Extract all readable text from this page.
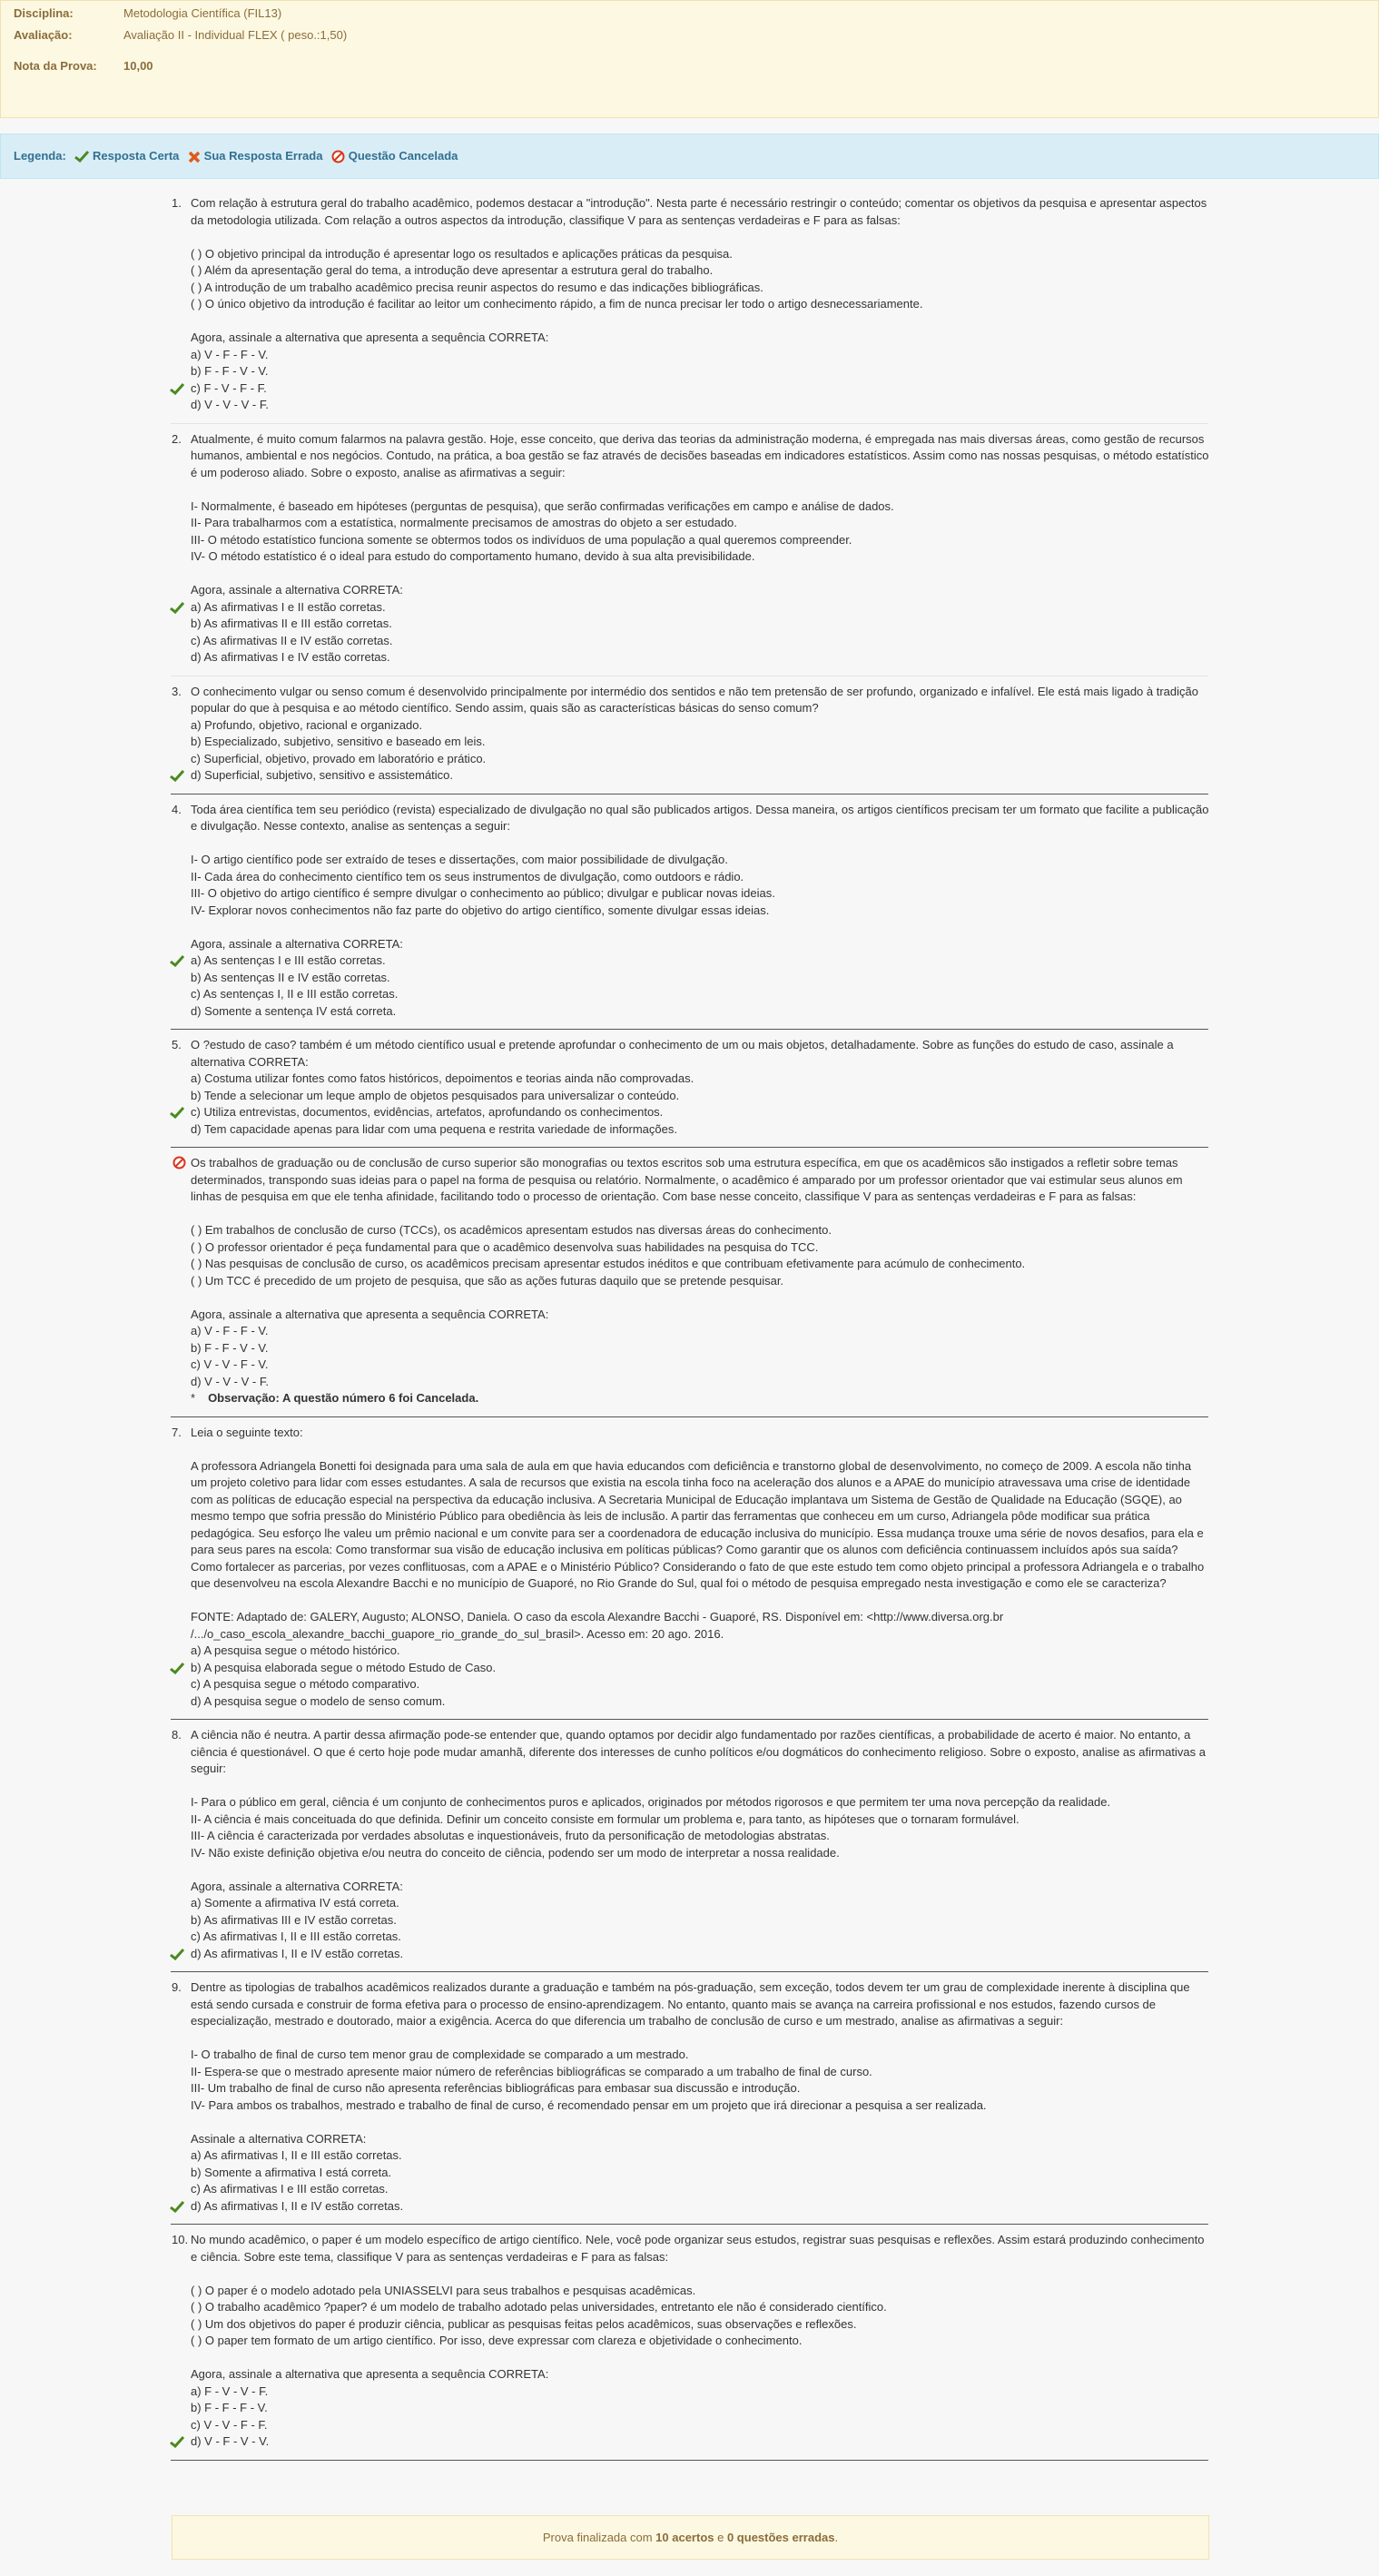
Disciplina:	Metodologia Científica (FIL13)
Avaliação:	Avaliação II - Individual FLEX ( peso.:1,50)
Nota da Prova:	10,00
Legenda: Resposta Certa Sua Resposta Errada Questão Cancelada
1. Com relação à estrutura geral do trabalho acadêmico, podemos destacar a "introdução". Nesta parte é necessário restringir o conteúdo; comentar os objetivos da pesquisa e apresentar aspectos da metodologia utilizada. Com relação a outros aspectos da introdução, classifique V para as sentenças verdadeiras e F para as falsas:

( ) O objetivo principal da introdução é apresentar logo os resultados e aplicações práticas da pesquisa.

( ) Além da apresentação geral do tema, a introdução deve apresentar a estrutura geral do trabalho.

( ) A introdução de um trabalho acadêmico precisa reunir aspectos do resumo e das indicações bibliográficas.

( ) O único objetivo da introdução é facilitar ao leitor um conhecimento rápido, a fim de nunca precisar ler todo o artigo desnecessariamente.

Agora, assinale a alternativa que apresenta a sequência CORRETA:

a) V - F - F - V.
b) F - F - V - V.
c) F - V - F - F.
d) V - V - V - F.
2. Atualmente, é muito comum falarmos na palavra gestão. Hoje, esse conceito, que deriva das teorias da administração moderna, é empregada nas mais diversas áreas, como gestão de recursos humanos, ambiental e nos negócios. Contudo, na prática, a boa gestão se faz através de decisões baseadas em indicadores estatísticos. Assim como nas nossas pesquisas, o método estatístico é um poderoso aliado. Sobre o exposto, analise as afirmativas a seguir:

I- Normalmente, é baseado em hipóteses (perguntas de pesquisa), que serão confirmadas verificações em campo e análise de dados.

II- Para trabalharmos com a estatística, normalmente precisamos de amostras do objeto a ser estudado.

III- O método estatístico funciona somente se obtermos todos os indivíduos de uma população a qual queremos compreender.

IV- O método estatístico é o ideal para estudo do comportamento humano, devido à sua alta previsibilidade.

Agora, assinale a alternativa CORRETA:

a) As afirmativas I e II estão corretas.
b) As afirmativas II e III estão corretas.
c) As afirmativas II e IV estão corretas.
d) As afirmativas I e IV estão corretas.
3. O conhecimento vulgar ou senso comum é desenvolvido principalmente por intermédio dos sentidos e não tem pretensão de ser profundo, organizado e infalível. Ele está mais ligado à tradição popular do que à pesquisa e ao método científico. Sendo assim, quais são as características básicas do senso comum?

a) Profundo, objetivo, racional e organizado.
b) Especializado, subjetivo, sensitivo e baseado em leis.
c) Superficial, objetivo, provado em laboratório e prático.
d) Superficial, subjetivo, sensitivo e assistemático.
4. Toda área científica tem seu periódico (revista) especializado de divulgação no qual são publicados artigos. Dessa maneira, os artigos científicos precisam ter um formato que facilite a publicação e divulgação. Nesse contexto, analise as sentenças a seguir:

I- O artigo científico pode ser extraído de teses e dissertações, com maior possibilidade de divulgação.

II- Cada área do conhecimento científico tem os seus instrumentos de divulgação, como outdoors e rádio.

III- O objetivo do artigo científico é sempre divulgar o conhecimento ao público; divulgar e publicar novas ideias.

IV- Explorar novos conhecimentos não faz parte do objetivo do artigo científico, somente divulgar essas ideias.

Agora, assinale a alternativa CORRETA:

a) As sentenças I e III estão corretas.
b) As sentenças II e IV estão corretas.
c) As sentenças I, II e III estão corretas.
d) Somente a sentença IV está correta.
5. O ?estudo de caso? também é um método científico usual e pretende aprofundar o conhecimento de um ou mais objetos, detalhadamente. Sobre as funções do estudo de caso, assinale a alternativa CORRETA:

a) Costuma utilizar fontes como fatos históricos, depoimentos e teorias ainda não comprovadas.
b) Tende a selecionar um leque amplo de objetos pesquisados para universalizar o conteúdo.
c) Utiliza entrevistas, documentos, evidências, artefatos, aprofundando os conhecimentos.
d) Tem capacidade apenas para lidar com uma pequena e restrita variedade de informações.

Os trabalhos de graduação ou de conclusão de curso superior são monografias ou textos escritos sob uma estrutura específica, em que os acadêmicos são instigados a refletir sobre temas determinados, transpondo suas ideias para o papel na forma de pesquisa ou relatório. Normalmente, o acadêmico é amparado por um professor orientador que vai estimular seus alunos em linhas de pesquisa em que ele tenha afinidade, facilitando todo o processo de orientação. Com base nesse conceito, classifique V para as sentenças verdadeiras e F para as falsas:

( ) Em trabalhos de conclusão de curso (TCCs), os acadêmicos apresentam estudos nas diversas áreas do conhecimento.

( ) O professor orientador é peça fundamental para que o acadêmico desenvolva suas habilidades na pesquisa do TCC.

( ) Nas pesquisas de conclusão de curso, os acadêmicos precisam apresentar estudos inéditos e que contribuam efetivamente para acúmulo de conhecimento.

( ) Um TCC é precedido de um projeto de pesquisa, que são as ações futuras daquilo que se pretende pesquisar.

Agora, assinale a alternativa que apresenta a sequência CORRETA:

a) V - F - F - V.
b) F - F - V - V.
c) V - V - F - V.
d) V - V - V - F.
* Observação: A questão número 6 foi Cancelada.
7. Leia o seguinte texto:

A professora Adriangela Bonetti foi designada para uma sala de aula em que havia educandos com deficiência e transtorno global de desenvolvimento, no começo de 2009. A escola não tinha um projeto coletivo para lidar com esses estudantes. A sala de recursos que existia na escola tinha foco na aceleração dos alunos e a APAE do município atravessava uma crise de identidade com as políticas de educação especial na perspectiva da educação inclusiva. A Secretaria Municipal de Educação implantava um Sistema de Gestão de Qualidade na Educação (SGQE), ao mesmo tempo que sofria pressão do Ministério Público para obediência às leis de inclusão. A partir das ferramentas que conheceu em um curso, Adriangela pôde modificar sua prática pedagógica. Seu esforço lhe valeu um prêmio nacional e um convite para ser a coordenadora de educação inclusiva do município. Essa mudança trouxe uma série de novos desafios, para ela e para seus pares na escola: Como transformar sua visão de educação inclusiva em políticas públicas? Como garantir que os alunos com deficiência continuassem incluídos após sua saída? Como fortalecer as parcerias, por vezes conflituosas, com a APAE e o Ministério Público? Considerando o fato de que este estudo tem como objeto principal a professora Adriangela e o trabalho que desenvolveu na escola Alexandre Bacchi e no município de Guaporé, no Rio Grande do Sul, qual foi o método de pesquisa empregado nesta investigação e como ele se caracteriza?

FONTE: Adaptado de: GALERY, Augusto; ALONSO, Daniela. O caso da escola Alexandre Bacchi - Guaporé, RS. Disponível em: <http://www.diversa.org.br /.../o_caso_escola_alexandre_bacchi_guapore_rio_grande_do_sul_brasil>. Acesso em: 20 ago. 2016.

a) A pesquisa segue o método histórico.
b) A pesquisa elaborada segue o método Estudo de Caso.
c) A pesquisa segue o método comparativo.
d) A pesquisa segue o modelo de senso comum.
8. A ciência não é neutra. A partir dessa afirmação pode-se entender que, quando optamos por decidir algo fundamentado por razões científicas, a probabilidade de acerto é maior. No entanto, a ciência é questionável. O que é certo hoje pode mudar amanhã, diferente dos interesses de cunho políticos e/ou dogmáticos do conhecimento religioso. Sobre o exposto, analise as afirmativas a seguir:

I- Para o público em geral, ciência é um conjunto de conhecimentos puros e aplicados, originados por métodos rigorosos e que permitem ter uma nova percepção da realidade.

II- A ciência é mais conceituada do que definida. Definir um conceito consiste em formular um problema e, para tanto, as hipóteses que o tornaram formulável.

III- A ciência é caracterizada por verdades absolutas e inquestionáveis, fruto da personificação de metodologias abstratas.

IV- Não existe definição objetiva e/ou neutra do conceito de ciência, podendo ser um modo de interpretar a nossa realidade.

Agora, assinale a alternativa CORRETA:

a) Somente a afirmativa IV está correta.
b) As afirmativas III e IV estão corretas.
c) As afirmativas I, II e III estão corretas.
d) As afirmativas I, II e IV estão corretas.
9. Dentre as tipologias de trabalhos acadêmicos realizados durante a graduação e também na pós-graduação, sem exceção, todos devem ter um grau de complexidade inerente à disciplina que está sendo cursada e construir de forma efetiva para o processo de ensino-aprendizagem. No entanto, quanto mais se avança na carreira profissional e nos estudos, fazendo cursos de especialização, mestrado e doutorado, maior a exigência. Acerca do que diferencia um trabalho de conclusão de curso e um mestrado, analise as afirmativas a seguir:

I- O trabalho de final de curso tem menor grau de complexidade se comparado a um mestrado.

II- Espera-se que o mestrado apresente maior número de referências bibliográficas se comparado a um trabalho de final de curso.

III- Um trabalho de final de curso não apresenta referências bibliográficas para embasar sua discussão e introdução.

IV- Para ambos os trabalhos, mestrado e trabalho de final de curso, é recomendado pensar em um projeto que irá direcionar a pesquisa a ser realizada.

Assinale a alternativa CORRETA:

a) As afirmativas I, II e III estão corretas.
b) Somente a afirmativa I está correta.
c) As afirmativas I e III estão corretas.
d) As afirmativas I, II e IV estão corretas.
10. No mundo acadêmico, o paper é um modelo específico de artigo científico. Nele, você pode organizar seus estudos, registrar suas pesquisas e reflexões. Assim estará produzindo conhecimento e ciência. Sobre este tema, classifique V para as sentenças verdadeiras e F para as falsas:

( ) O paper é o modelo adotado pela UNIASSELVI para seus trabalhos e pesquisas acadêmicas.

( ) O trabalho acadêmico ?paper? é um modelo de trabalho adotado pelas universidades, entretanto ele não é considerado científico.

( ) Um dos objetivos do paper é produzir ciência, publicar as pesquisas feitas pelos acadêmicos, suas observações e reflexões.

( ) O paper tem formato de um artigo científico. Por isso, deve expressar com clareza e objetividade o conhecimento.

Agora, assinale a alternativa que apresenta a sequência CORRETA:

a) F - V - V - F.
b) F - F - F - V.
c) V - V - F - F.
d) V - F - V - V.
Prova finalizada com 10 acertos e 0 questões erradas.
